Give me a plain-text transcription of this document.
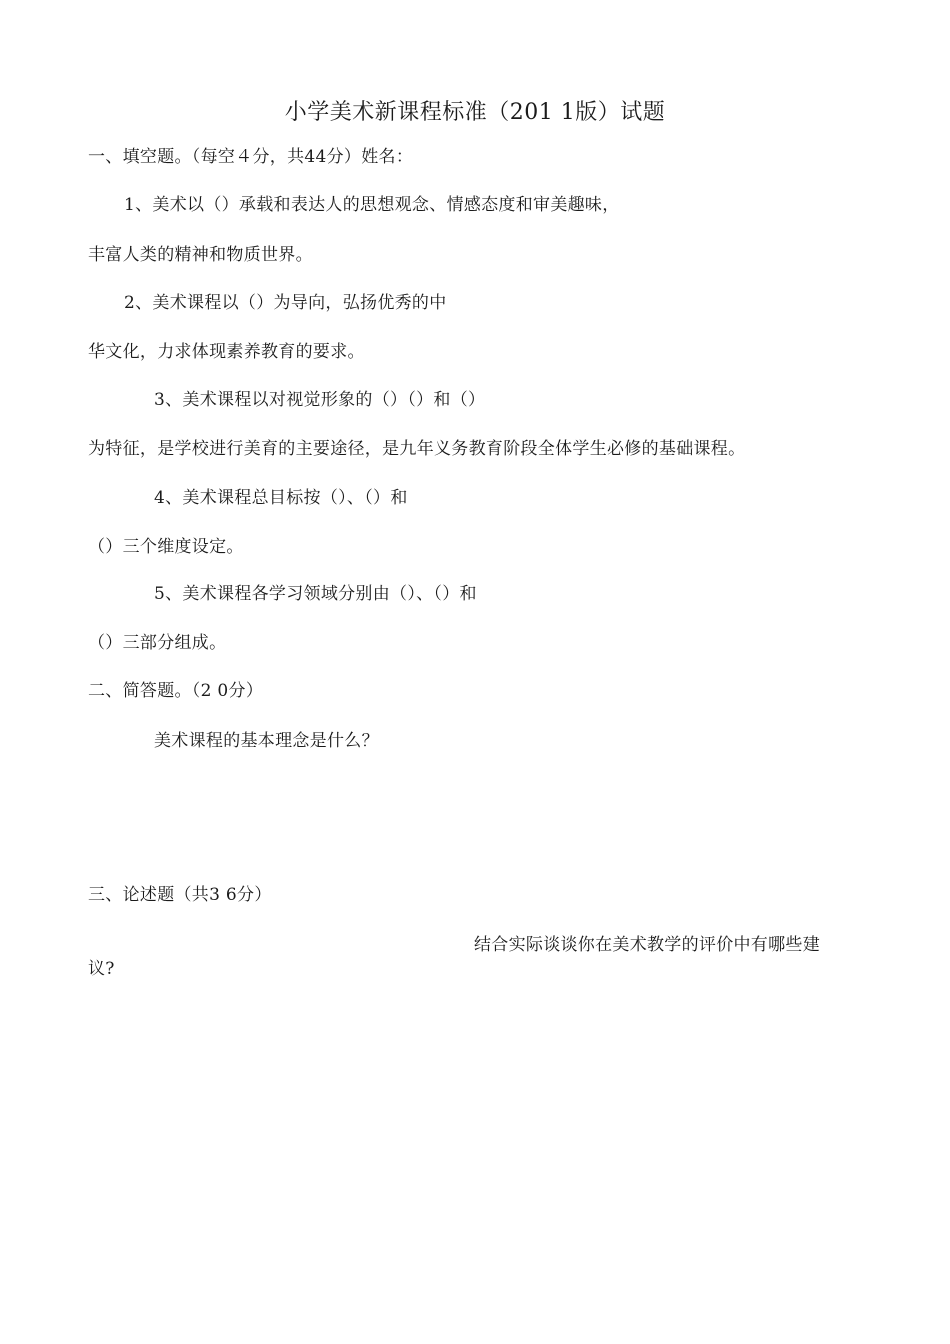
小学美术新课程标准（201 1版）试题
一、填空题。（每空４分，共44分）姓名：
1、美术以（）承载和表达人的思想观念、情感态度和审美趣味，
丰富人类的精神和物质世界。
2、美术课程以（）为导向，弘扬优秀的中
华文化，力求体现素养教育的要求。
3、美术课程以对视觉形象的（）（）和（）
为特征，是学校进行美育的主要途径，是九年义务教育阶段全体学生必修的基础课程。
4、美术课程总目标按（）、（）和
（）三个维度设定。
5、美术课程各学习领域分别由（）、（）和
（）三部分组成。
二、简答题。（2 0分）
美术课程的基本理念是什么？
三、论述题（共3 6分）
结合实际谈谈你在美术教学的评价中有哪些建
议?
